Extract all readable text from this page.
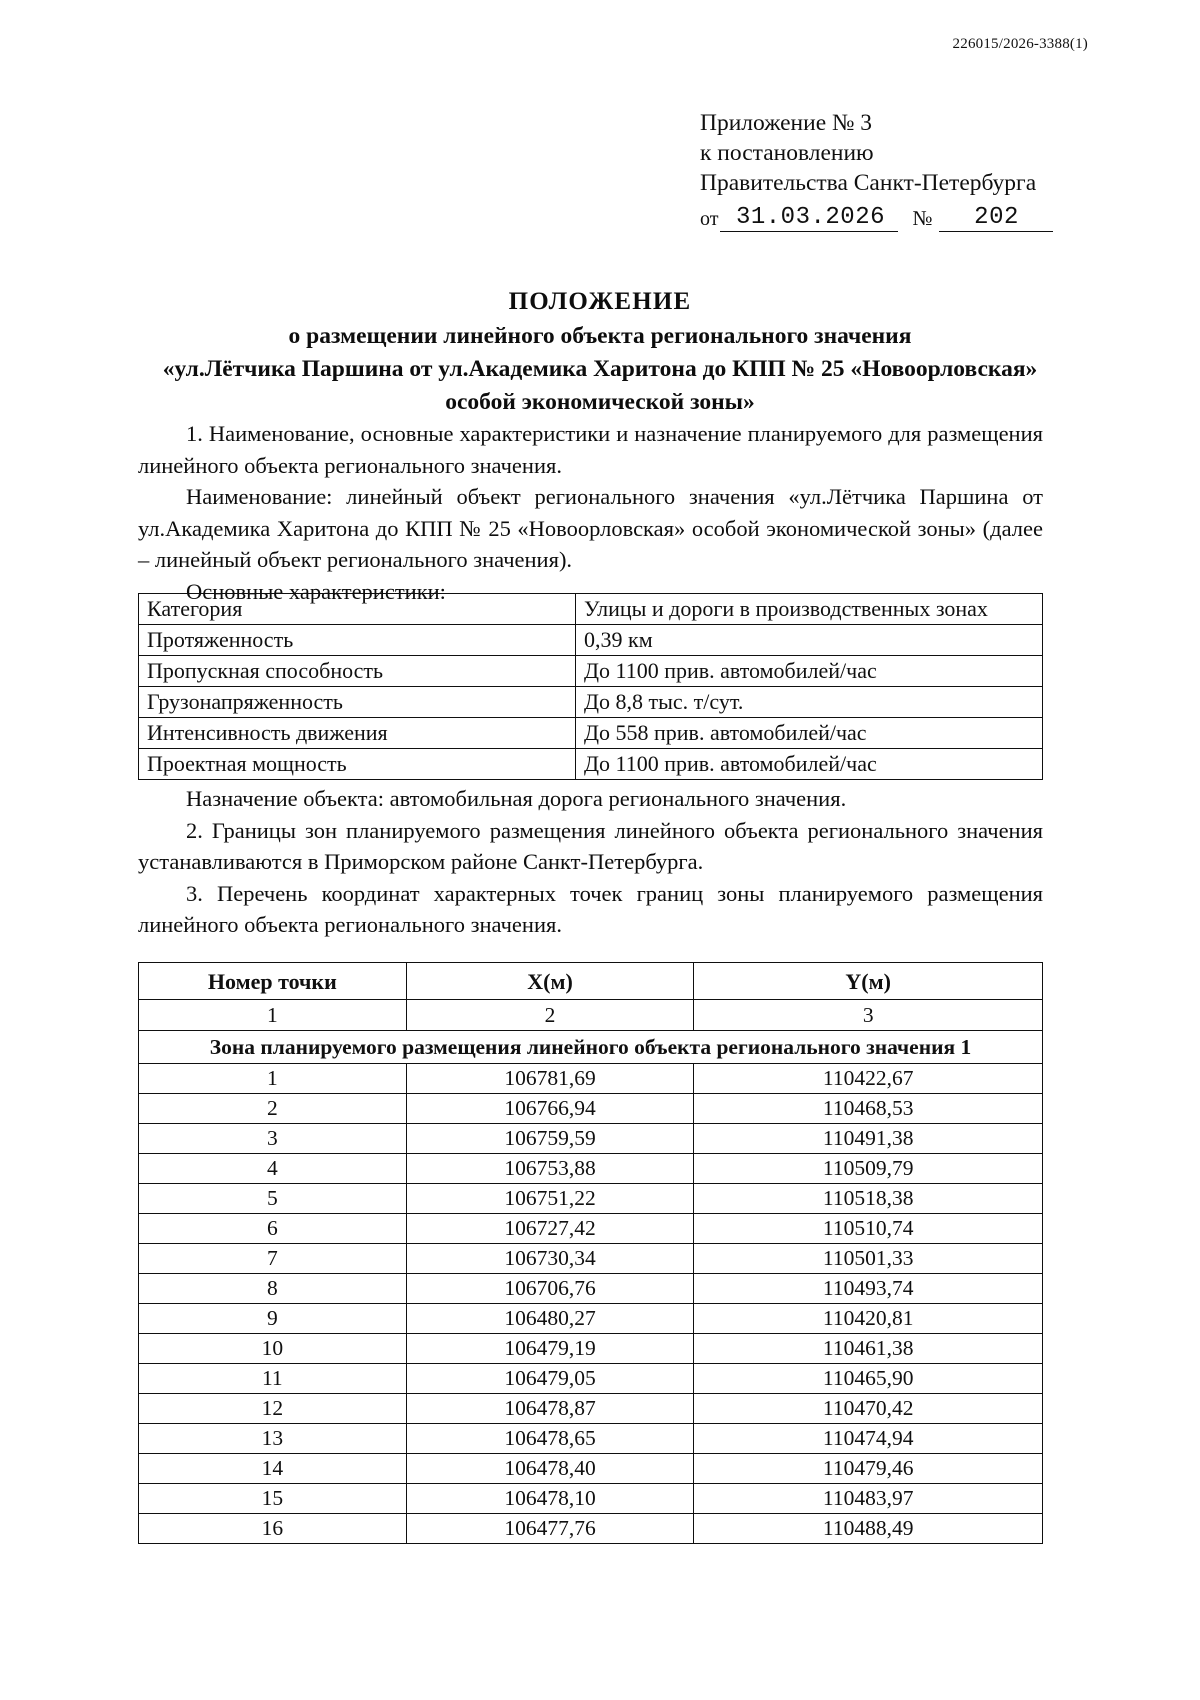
226015/2026-3388(1)
Приложение № 3
к постановлению
Правительства Санкт-Петербурга
от 31.03.2026	№	202
ПОЛОЖЕНИЕ
о размещении линейного объекта регионального значения
«ул.Лётчика Паршина от ул.Академика Харитона до КПП № 25 «Новоорловская»
особой экономической зоны»

1. Наименование, основные характеристики и назначение планируемого для размещения линейного объекта регионального значения.

Наименование: линейный объект регионального значения «ул.Лётчика Паршина от ул.Академика Харитона до КПП № 25 «Новоорловская» особой экономической зоны» (далее – линейный объект регионального значения).

Основные характеристики:

Категория	Улицы и дороги в производственных зонах
Протяженность	0,39 км
Пропускная способность	До 1100 прив. автомобилей/час
Грузонапряженность	До 8,8 тыс. т/сут.
Интенсивность движения	До 558 прив. автомобилей/час
Проектная мощность	До 1100 прив. автомобилей/час

Назначение объекта: автомобильная дорога регионального значения.

2. Границы зон планируемого размещения линейного объекта регионального значения устанавливаются в Приморском районе Санкт-Петербурга.

3. Перечень координат характерных точек границ зоны планируемого размещения линейного объекта регионального значения.

Номер точки	X(м)	Y(м)
1	2	3
Зона планируемого размещения линейного объекта регионального значения 1		
1	106781,69	110422,67
2	106766,94	110468,53
3	106759,59	110491,38
4	106753,88	110509,79
5	106751,22	110518,38
6	106727,42	110510,74
7	106730,34	110501,33
8	106706,76	110493,74
9	106480,27	110420,81
10	106479,19	110461,38
11	106479,05	110465,90
12	106478,87	110470,42
13	106478,65	110474,94
14	106478,40	110479,46
15	106478,10	110483,97
16	106477,76	110488,49
